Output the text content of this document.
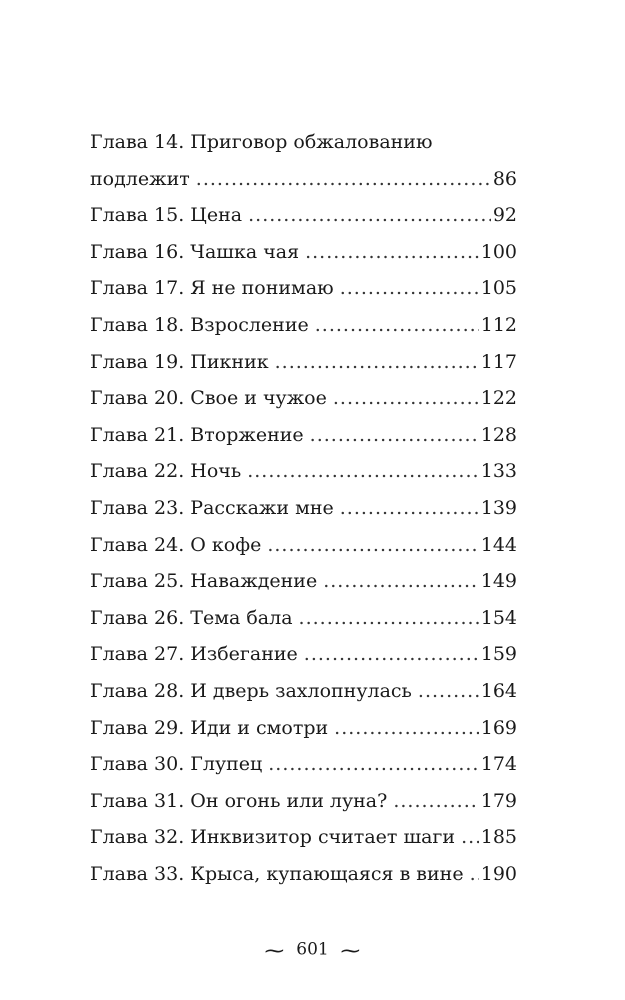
Глава 14. Приговор обжалованию
подлежит .....	86
Глава 15. Цена .....	92
Глава 16. Чашка чая .....	100
Глава 17. Я не понимаю .....	105
Глава 18. Взросление .....	112
Глава 19. Пикник .....	117
Глава 20. Свое и чужое .....	122
Глава 21. Вторжение .....	128
Глава 22. Ночь .....	133
Глава 23. Расскажи мне .....	139
Глава 24. О кофе .....	144
Глава 25. Наваждение .....	149
Глава 26. Тема бала .....	154
Глава 27. Избегание .....	159
Глава 28. И дверь захлопнулась .....	164
Глава 29. Иди и смотри .....	169
Глава 30. Глупец .....	174
Глава 31. Он огонь или луна? .....	179
Глава 32. Инквизитор считает шаги ..... 185
Глава 33. Крыса, купающаяся в вине ..... 190
~ 601 ~
